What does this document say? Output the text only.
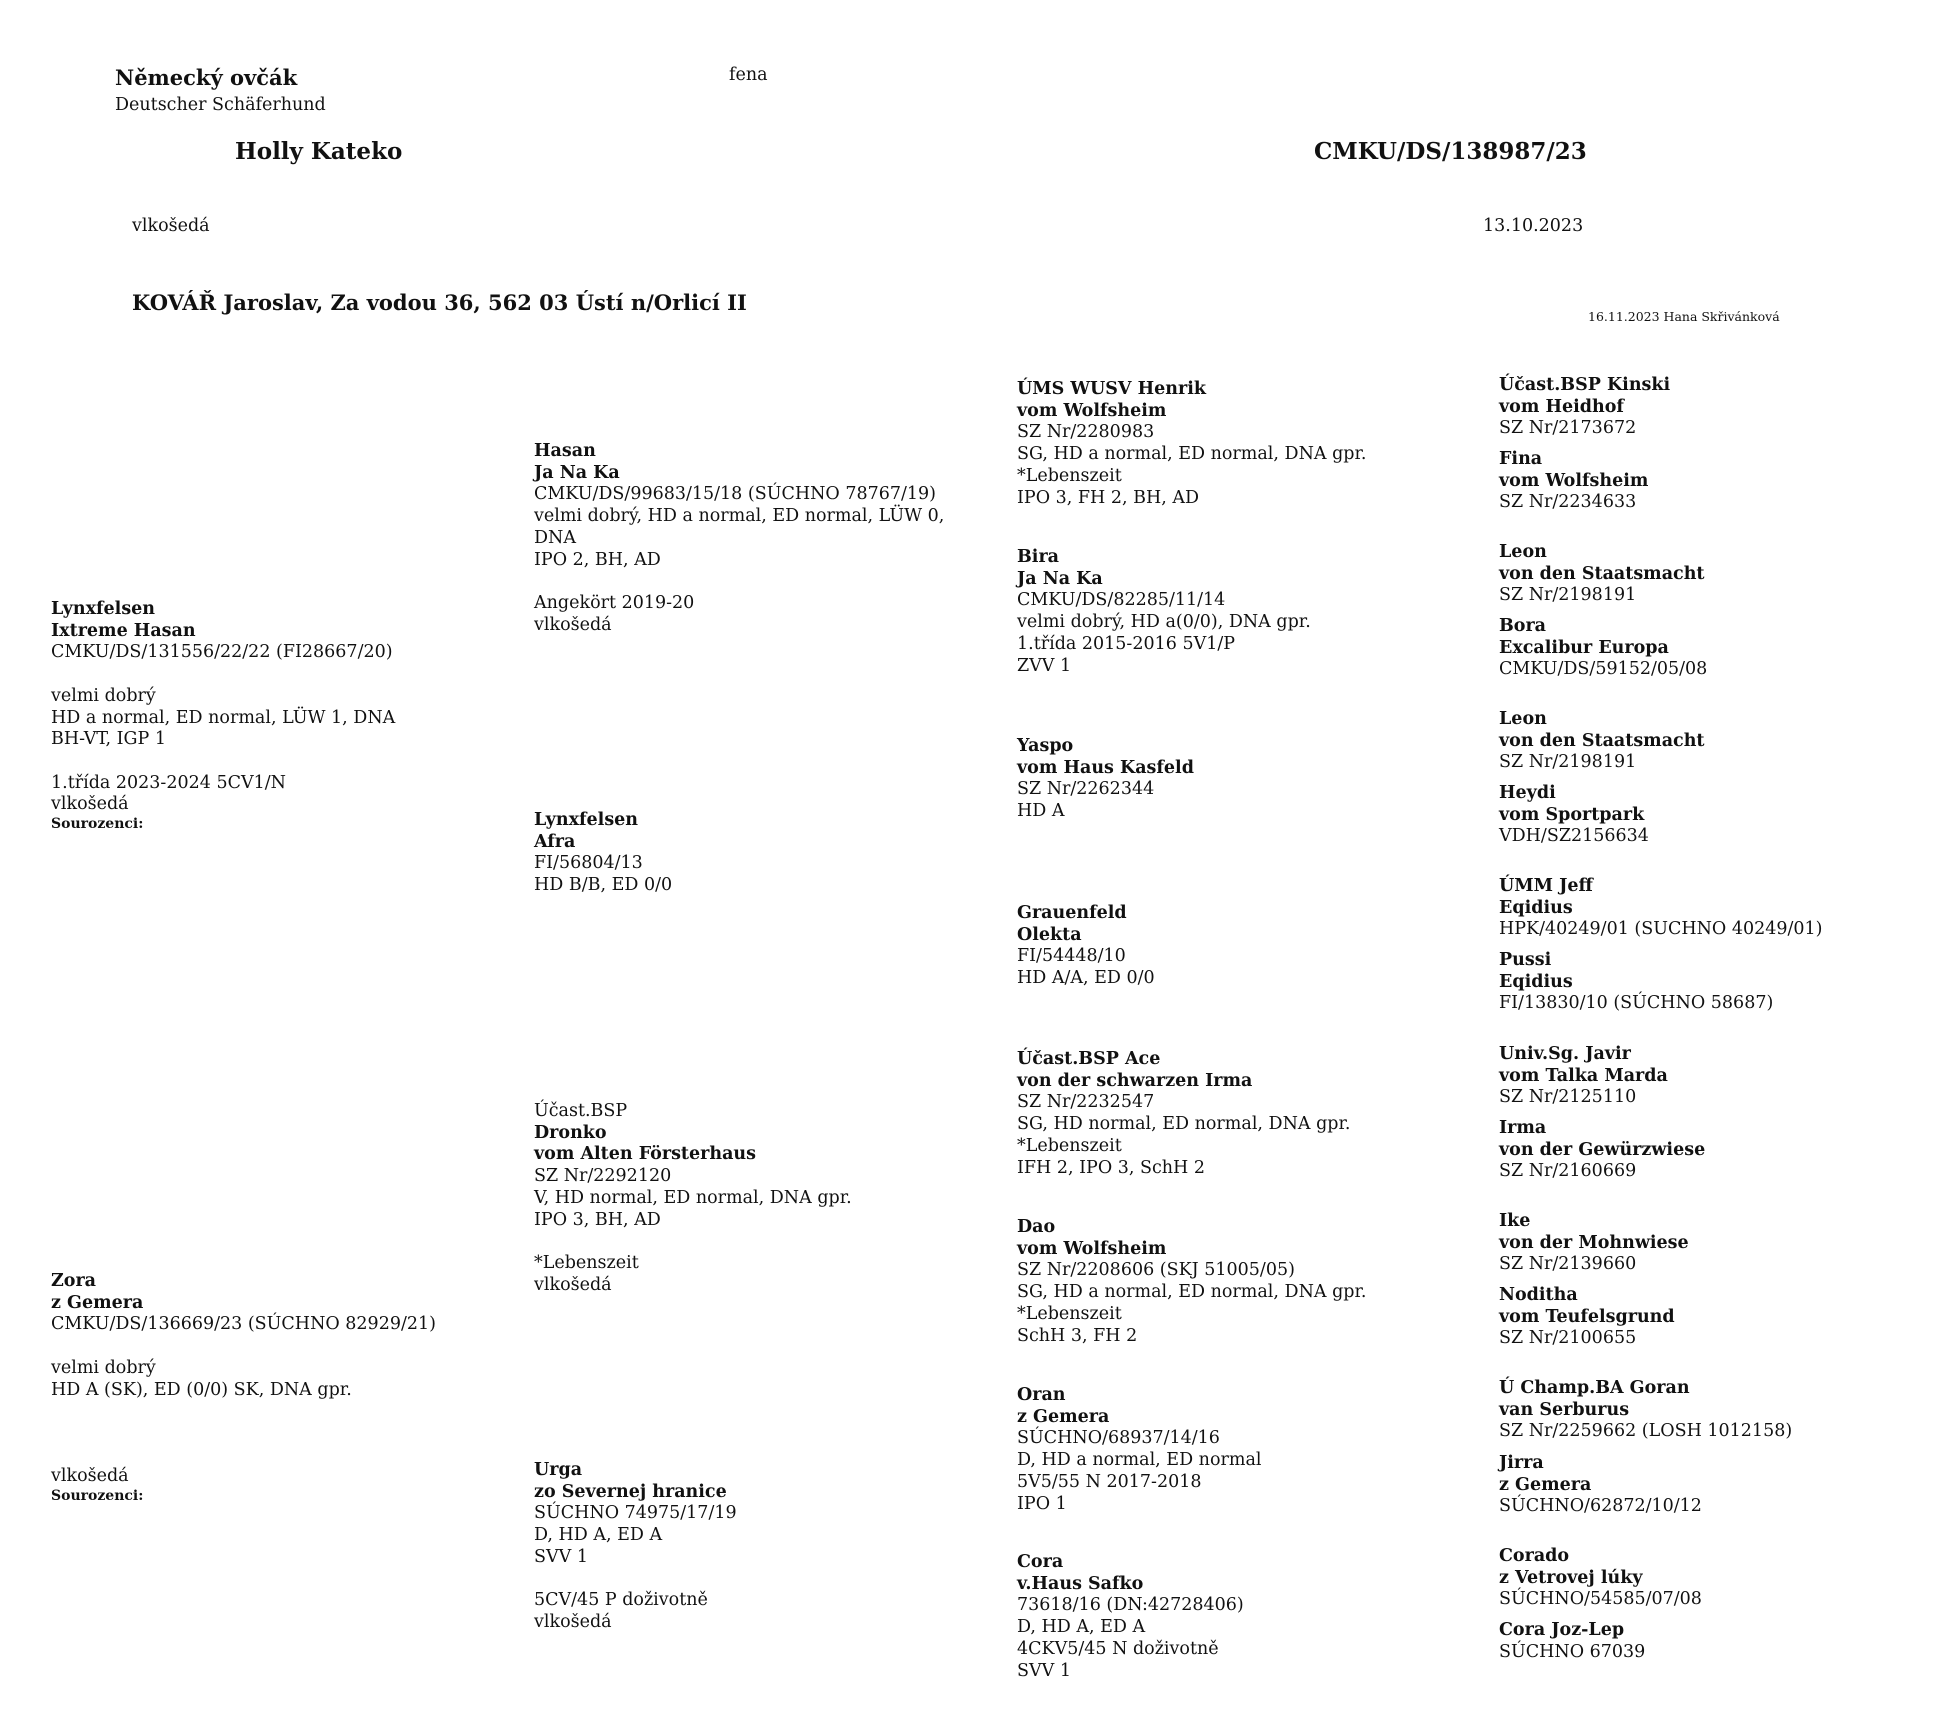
Německý ovčák
Deutscher Schäferhund
fena
Holly Kateko	CMKU/DS/138987/23
vlkošedá	13.10.2023
KOVÁŘ Jaroslav, Za vodou 36, 562 03 Ústí n/Orlicí II
16.11.2023 Hana Skřivánková
Lynxfelsen
Ixtreme Hasan
CMKU/DS/131556/22/22 (FI28667/20)
velmi dobrý
HD a normal, ED normal, LÜW 1, DNA
BH-VT, IGP 1
1.třída 2023-2024 5CV1/N
vlkošedá
Sourozenci:
Zora
z Gemera
CMKU/DS/136669/23 (SÚCHNO 82929/21)
velmi dobrý
HD A (SK), ED (0/0) SK, DNA gpr.
vlkošedá
Sourozenci:
Hasan
Ja Na Ka
CMKU/DS/99683/15/18 (SÚCHNO 78767/19)
velmi dobrý, HD a normal, ED normal, LÜW 0,
DNA
IPO 2, BH, AD
Angekört 2019-20
vlkošedá
Lynxfelsen
Afra
FI/56804/13
HD B/B, ED 0/0
Účast.BSP
Dronko
vom Alten Försterhaus
SZ Nr/2292120
V, HD normal, ED normal, DNA gpr.
IPO 3, BH, AD
*Lebenszeit
vlkošedá
Urga
zo Severnej hranice
SÚCHNO 74975/17/19
D, HD A, ED A
SVV 1
5CV/45 P doživotně
vlkošedá
ÚMS WUSV Henrik
vom Wolfsheim
SZ Nr/2280983
SG, HD a normal, ED normal, DNA gpr.
*Lebenszeit
IPO 3, FH 2, BH, AD
Bira
Ja Na Ka
CMKU/DS/82285/11/14
velmi dobrý, HD a(0/0), DNA gpr.
1.třída 2015-2016 5V1/P
ZVV 1
Yaspo
vom Haus Kasfeld
SZ Nr/2262344
HD A
Grauenfeld
Olekta
FI/54448/10
HD A/A, ED 0/0
Účast.BSP Ace
von der schwarzen Irma
SZ Nr/2232547
SG, HD normal, ED normal, DNA gpr.
*Lebenszeit
IFH 2, IPO 3, SchH 2
Dao
vom Wolfsheim
SZ Nr/2208606 (SKJ 51005/05)
SG, HD a normal, ED normal, DNA gpr.
*Lebenszeit
SchH 3, FH 2
Oran
z Gemera
SÚCHNO/68937/14/16
D, HD a normal, ED normal
5V5/55 N 2017-2018
IPO 1
Cora
v.Haus Safko
73618/16 (DN:42728406)
D, HD A, ED A
4CKV5/45 N doživotně
SVV 1
Účast.BSP Kinski
vom Heidhof
SZ Nr/2173672
Fina
vom Wolfsheim
SZ Nr/2234633
Leon
von den Staatsmacht
SZ Nr/2198191
Bora
Excalibur Europa
CMKU/DS/59152/05/08
Leon
von den Staatsmacht
SZ Nr/2198191
Heydi
vom Sportpark
VDH/SZ2156634
ÚMM Jeff
Eqidius
HPK/40249/01 (SUCHNO 40249/01)
Pussi
Eqidius
FI/13830/10 (SÚCHNO 58687)
Univ.Sg. Javir
vom Talka Marda
SZ Nr/2125110
Irma
von der Gewürzwiese
SZ Nr/2160669
Ike
von der Mohnwiese
SZ Nr/2139660
Noditha
vom Teufelsgrund
SZ Nr/2100655
Ú Champ.BA Goran
van Serburus
SZ Nr/2259662 (LOSH 1012158)
Jirra
z Gemera
SÚCHNO/62872/10/12
Corado
z Vetrovej lúky
SÚCHNO/54585/07/08
Cora Joz-Lep
SÚCHNO 67039
